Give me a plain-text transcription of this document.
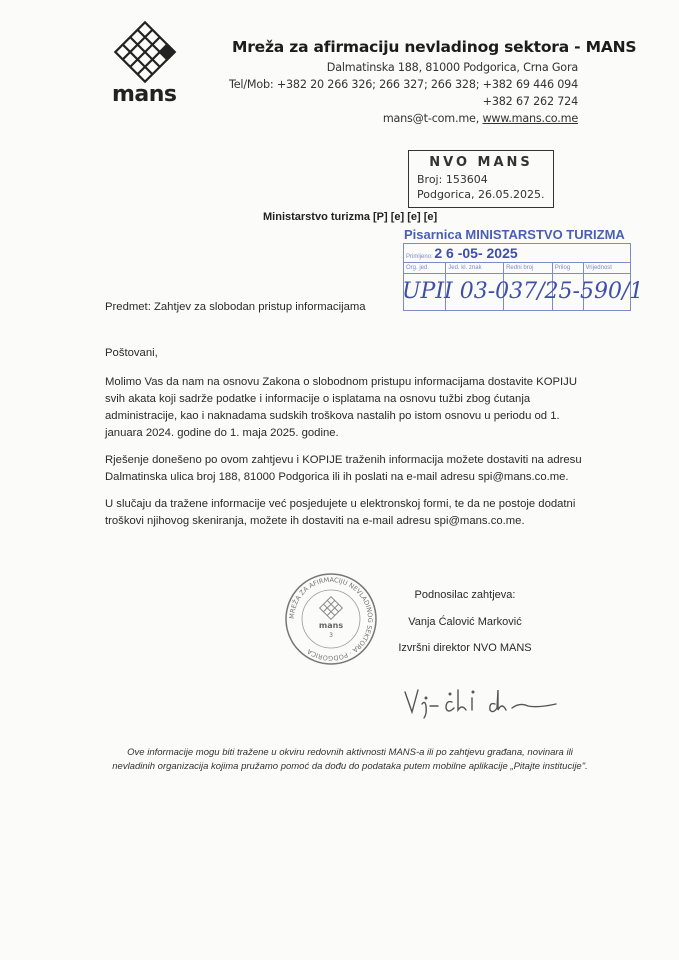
mans
Mreža za afirmaciju nevladinog sektora - MANS
Dalmatinska 188, 81000 Podgorica, Crna Gora
Tel/Mob: +382 20 266 326; 266 327; 266 328; +382 69 446 094
+382 67 262 724
mans@t-com.me, www.mans.co.me
NVO MANS
Broj: 153604
Podgorica, 26.05.2025.
Ministarstvo turizma [P] [e] [e] [e]
Pisarnica MINISTARSTVO TURIZMA
Primljeno: 2 6 -05- 2025				
Org. jed.	Jed. kl. znak	Redni broj	Prilog	Vrijednost

UPII 03-037/25-590/1
Predmet: Zahtjev za slobodan pristup informacijama
Poštovani,

Molimo Vas da nam na osnovu Zakona o slobodnom pristupu informacijama dostavite KOPIJU svih akata koji sadrže podatke i informacije o isplatama na osnovu tužbi zbog ćutanja administracije, kao i naknadama sudskih troškova nastalih po istom osnovu u periodu od 1. januara 2024. godine do 1. maja 2025. godine.

Rješenje donešeno po ovom zahtjevu i KOPIJE traženih informacija možete dostaviti na adresu Dalmatinska ulica broj 188, 81000 Podgorica ili ih poslati na e-mail adresu spi@mans.co.me.

U slučaju da tražene informacije već posjedujete u elektronskoj formi, te da ne postoje dodatni troškovi njihovog skeniranja, možete ih dostaviti na e-mail adresu spi@mans.co.me.

Podnosilac zahtjeva:
Vanja Ćalović Marković
Izvršni direktor NVO MANS
MREŽA ZA AFIRMACIJU NEVLADINOG SEKTORA · PODGORICA
mans
3
Ove informacije mogu biti tražene u okviru redovnih aktivnosti MANS-a ili po zahtjevu građana, novinara ili nevladinih organizacija kojima pružamo pomoć da dođu do podataka putem mobilne aplikacije „Pitajte institucije".
